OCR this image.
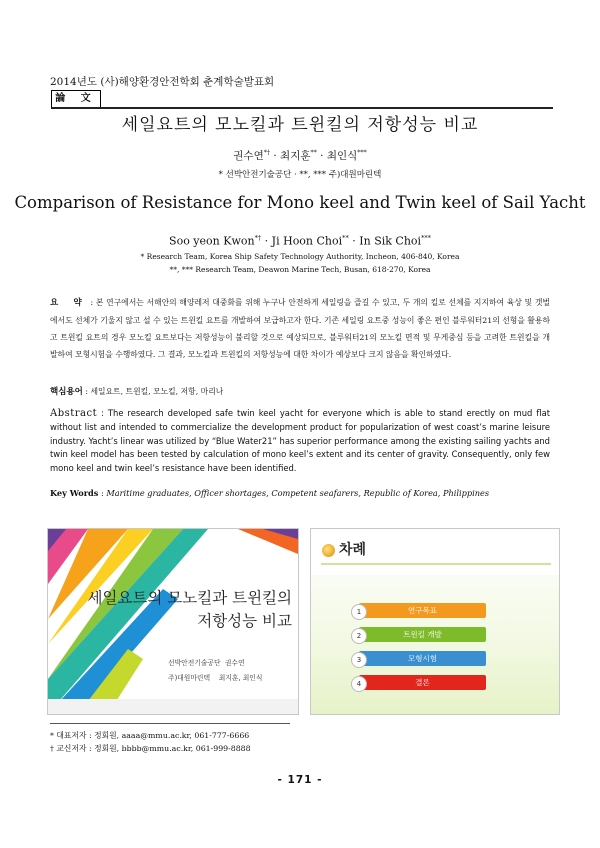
2014년도 (사)해양환경안전학회 춘계학술발표회
論 文
세일요트의 모노킬과 트윈킬의 저항성능 비교
권수연*† · 최지훈** · 최인식***
* 선박안전기술공단 · **, *** 주)대원마린텍
Comparison of Resistance for Mono keel and Twin keel of Sail Yacht
Soo yeon Kwon*† · Ji Hoon Choi** · In Sik Choi***
* Research Team, Korea Ship Safety Technology Authority, Incheon, 406-840, Korea
**, *** Research Team, Deawon Marine Tech, Busan, 618-270, Korea
요 약 : 본 연구에서는 서해안의 해양레저 대중화를 위해 누구나 안전하게 세일링을 즐길 수 있고, 두 개의 킬로 선체를 지지하여 육상 및 갯벌에서도 선체가 기울지 않고 설 수 있는 트윈킬 요트를 개발하여 보급하고자 한다. 기존 세일링 요트중 성능이 좋은 편인 블루워터21의 선형을 활용하고 트윈킬 요트의 경우 모노킬 요트보다는 저항성능이 불리할 것으로 예상되므로, 블루워터21의 모노킬 면적 및 무게중심 등을 고려한 트윈킬을 개발하여 모형시험을 수행하였다. 그 결과, 모노킬과 트윈킬의 저항성능에 대한 차이가 예상보다 크지 않음을 확인하였다.
핵심용어 : 세일요트, 트윈킬, 모노킬, 저항, 마리나
Abstract : The research developed safe twin keel yacht for everyone which is able to stand erectly on mud flat without list and intended to commercialize the development product for popularization of west coast’s marine leisure industry. Yacht’s linear was utilized by “Blue Water21” has superior performance among the existing sailing yachts and twin keel model has been tested by calculation of mono keel’s extent and its center of gravity. Consequently, only few mono keel and twin keel’s resistance have been identified.
Key Words : Maritime graduates, Officer shortages, Competent seafarers, Republic of Korea, Philippines
세일요트의 모노킬과 트윈킬의
저항성능 비교
선박안전기술공단 권수연
주)대원마린텍 최지훈, 최인식
차례
1	연구목표
2	트윈킬 개발
3	모형시험
4	결론
* 대표저자 : 정회원, aaaa@mmu.ac.kr, 061-777-6666
† 교신저자 : 정회원, bbbb@mmu.ac.kr, 061-999-8888
- 171 -
